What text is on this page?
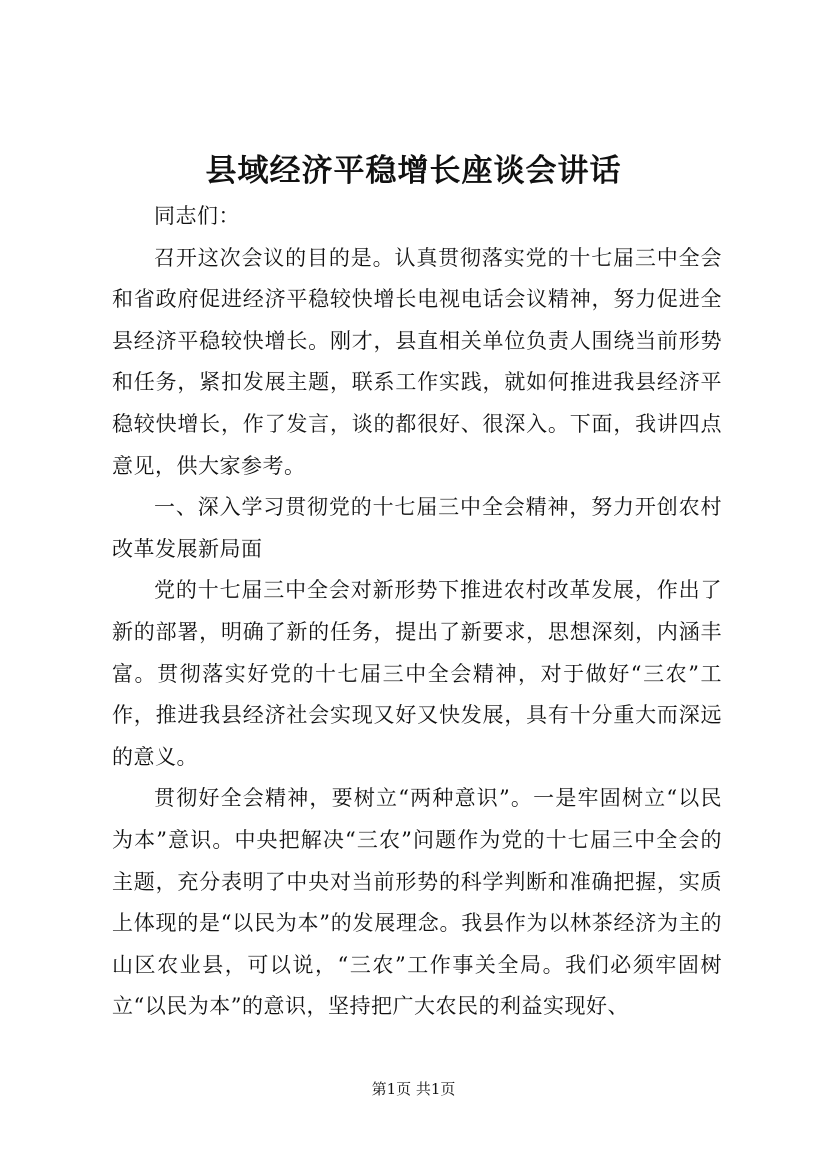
县域经济平稳增长座谈会讲话

同志们：

召开这次会议的目的是。认真贯彻落实党的十七届三中全会和省政府促进经济平稳较快增长电视电话会议精神，努力促进全县经济平稳较快增长。刚才，县直相关单位负责人围绕当前形势和任务，紧扣发展主题，联系工作实践，就如何推进我县经济平稳较快增长，作了发言，谈的都很好、很深入。下面，我讲四点意见，供大家参考。

一、深入学习贯彻党的十七届三中全会精神，努力开创农村改革发展新局面

党的十七届三中全会对新形势下推进农村改革发展，作出了新的部署，明确了新的任务，提出了新要求，思想深刻，内涵丰富。贯彻落实好党的十七届三中全会精神，对于做好“三农”工作，推进我县经济社会实现又好又快发展，具有十分重大而深远的意义。

贯彻好全会精神，要树立“两种意识”。一是牢固树立“以民为本”意识。中央把解决“三农”问题作为党的十七届三中全会的主题，充分表明了中央对当前形势的科学判断和准确把握，实质上体现的是“以民为本”的发展理念。我县作为以林茶经济为主的山区农业县，可以说，“三农”工作事关全局。我们必须牢固树立“以民为本”的意识，坚持把广大农民的利益实现好、

第1页 共1页
